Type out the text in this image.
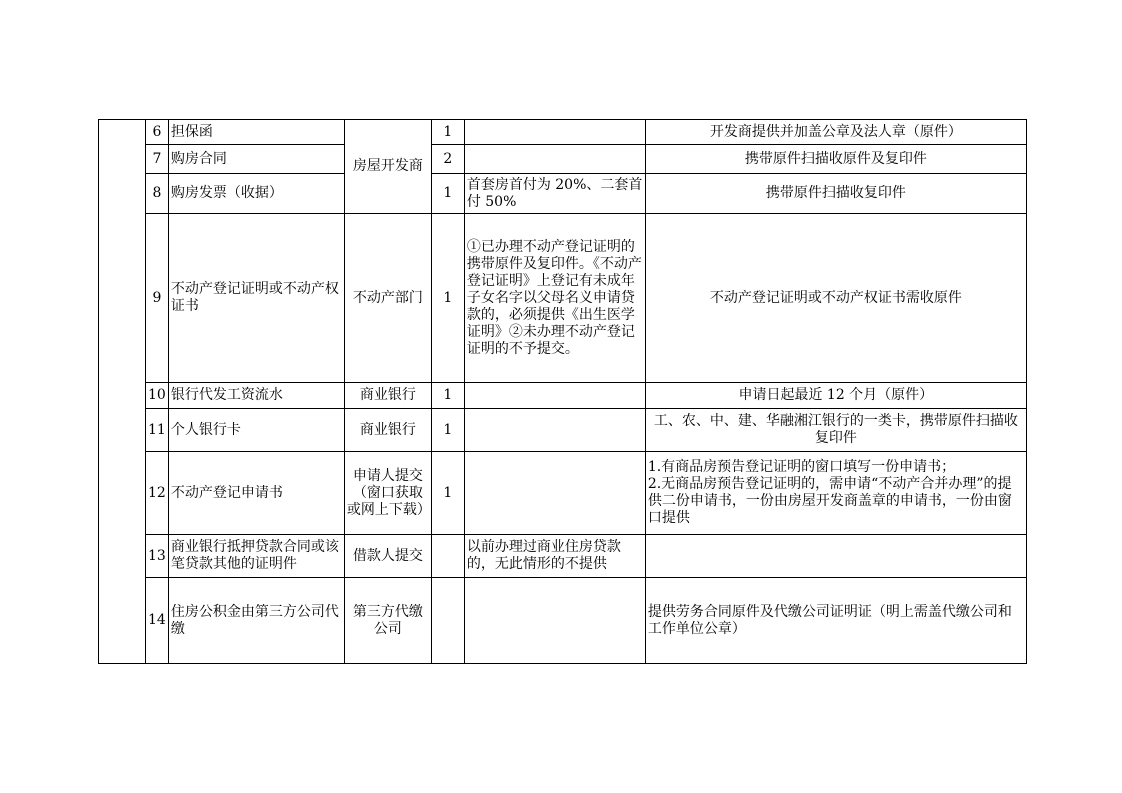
	6	担保函	房屋开发商	1		开发商提供并加盖公章及法人章（原件）
	7	购房合同		2		携带原件扫描收原件及复印件
	8	购房发票（收据）		1	首套房首付为 20%、二套首付 50%	携带原件扫描收复印件
	9	不动产登记证明或不动产权证书	不动产部门	1	①已办理不动产登记证明的携带原件及复印件。《不动产登记证明》上登记有未成年子女名字以父母名义申请贷款的，必须提供《出生医学证明》②未办理不动产登记证明的不予提交。	不动产登记证明或不动产权证书需收原件
	10	银行代发工资流水	商业银行	1		申请日起最近 12 个月（原件）
	11	个人银行卡	商业银行	1		工、农、中、建、华融湘江银行的一类卡，携带原件扫描收复印件
	12	不动产登记申请书	申请人提交（窗口获取或网上下载）	1		1.有商品房预告登记证明的窗口填写一份申请书；
2.无商品房预告登记证明的，需申请“不动产合并办理”的提供二份申请书，一份由房屋开发商盖章的申请书，一份由窗口提供

	13	商业银行抵押贷款合同或该笔贷款其他的证明件	借款人提交		以前办理过商业住房贷款的，无此情形的不提供	
	14	住房公积金由第三方公司代缴	第三方代缴公司			提供劳务合同原件及代缴公司证明证（明上需盖代缴公司和工作单位公章）
